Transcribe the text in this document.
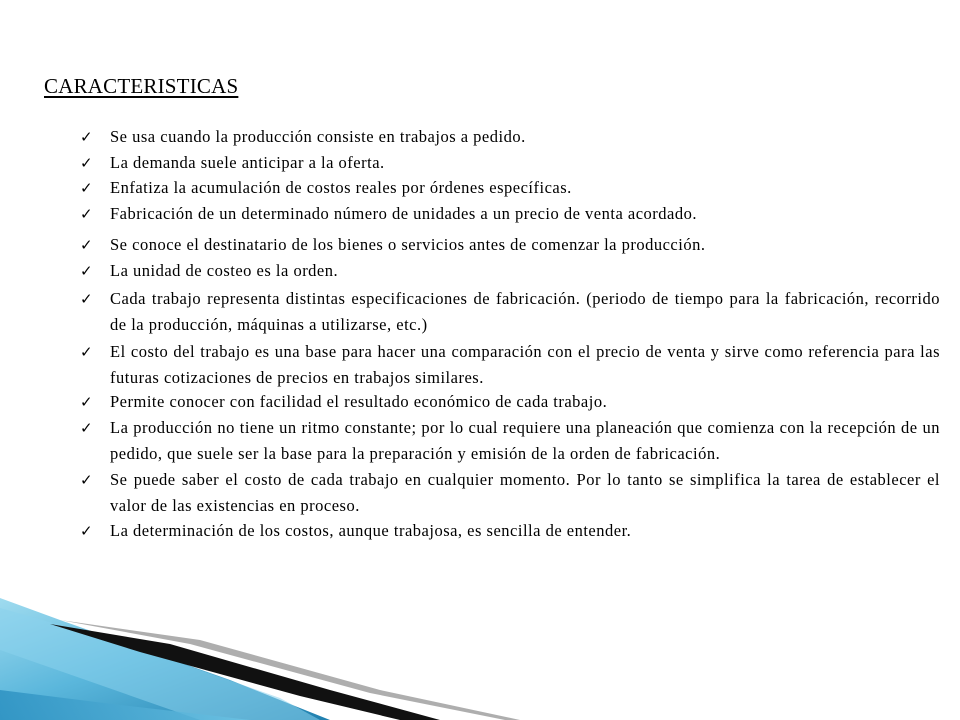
CARACTERISTICAS
✓ Se usa cuando la producción consiste en trabajos a pedido.
✓ La demanda suele anticipar a la oferta.
✓ Enfatiza la acumulación de costos reales por órdenes específicas.
✓ Fabricación de un determinado número de unidades a un precio de venta acordado.
✓ Se conoce el destinatario de los bienes o servicios antes de comenzar la producción.
✓ La unidad de costeo es la orden.
✓ Cada trabajo representa distintas especificaciones de fabricación. (periodo de tiempo para la fabricación, recorrido de la producción, máquinas a utilizarse, etc.)
✓ El costo del trabajo es una base para hacer una comparación con el precio de venta y sirve como referencia para las futuras cotizaciones de precios en trabajos similares.
✓ Permite conocer con facilidad el resultado económico de cada trabajo.
✓ La producción no tiene un ritmo constante; por lo cual requiere una planeación que comienza con la recepción de un pedido, que suele ser la base para la preparación y emisión de la orden de fabricación.
✓ Se puede saber el costo de cada trabajo en cualquier momento. Por lo tanto se simplifica la tarea de establecer el valor de las existencias en proceso.
✓ La determinación de los costos, aunque trabajosa, es sencilla de entender.
